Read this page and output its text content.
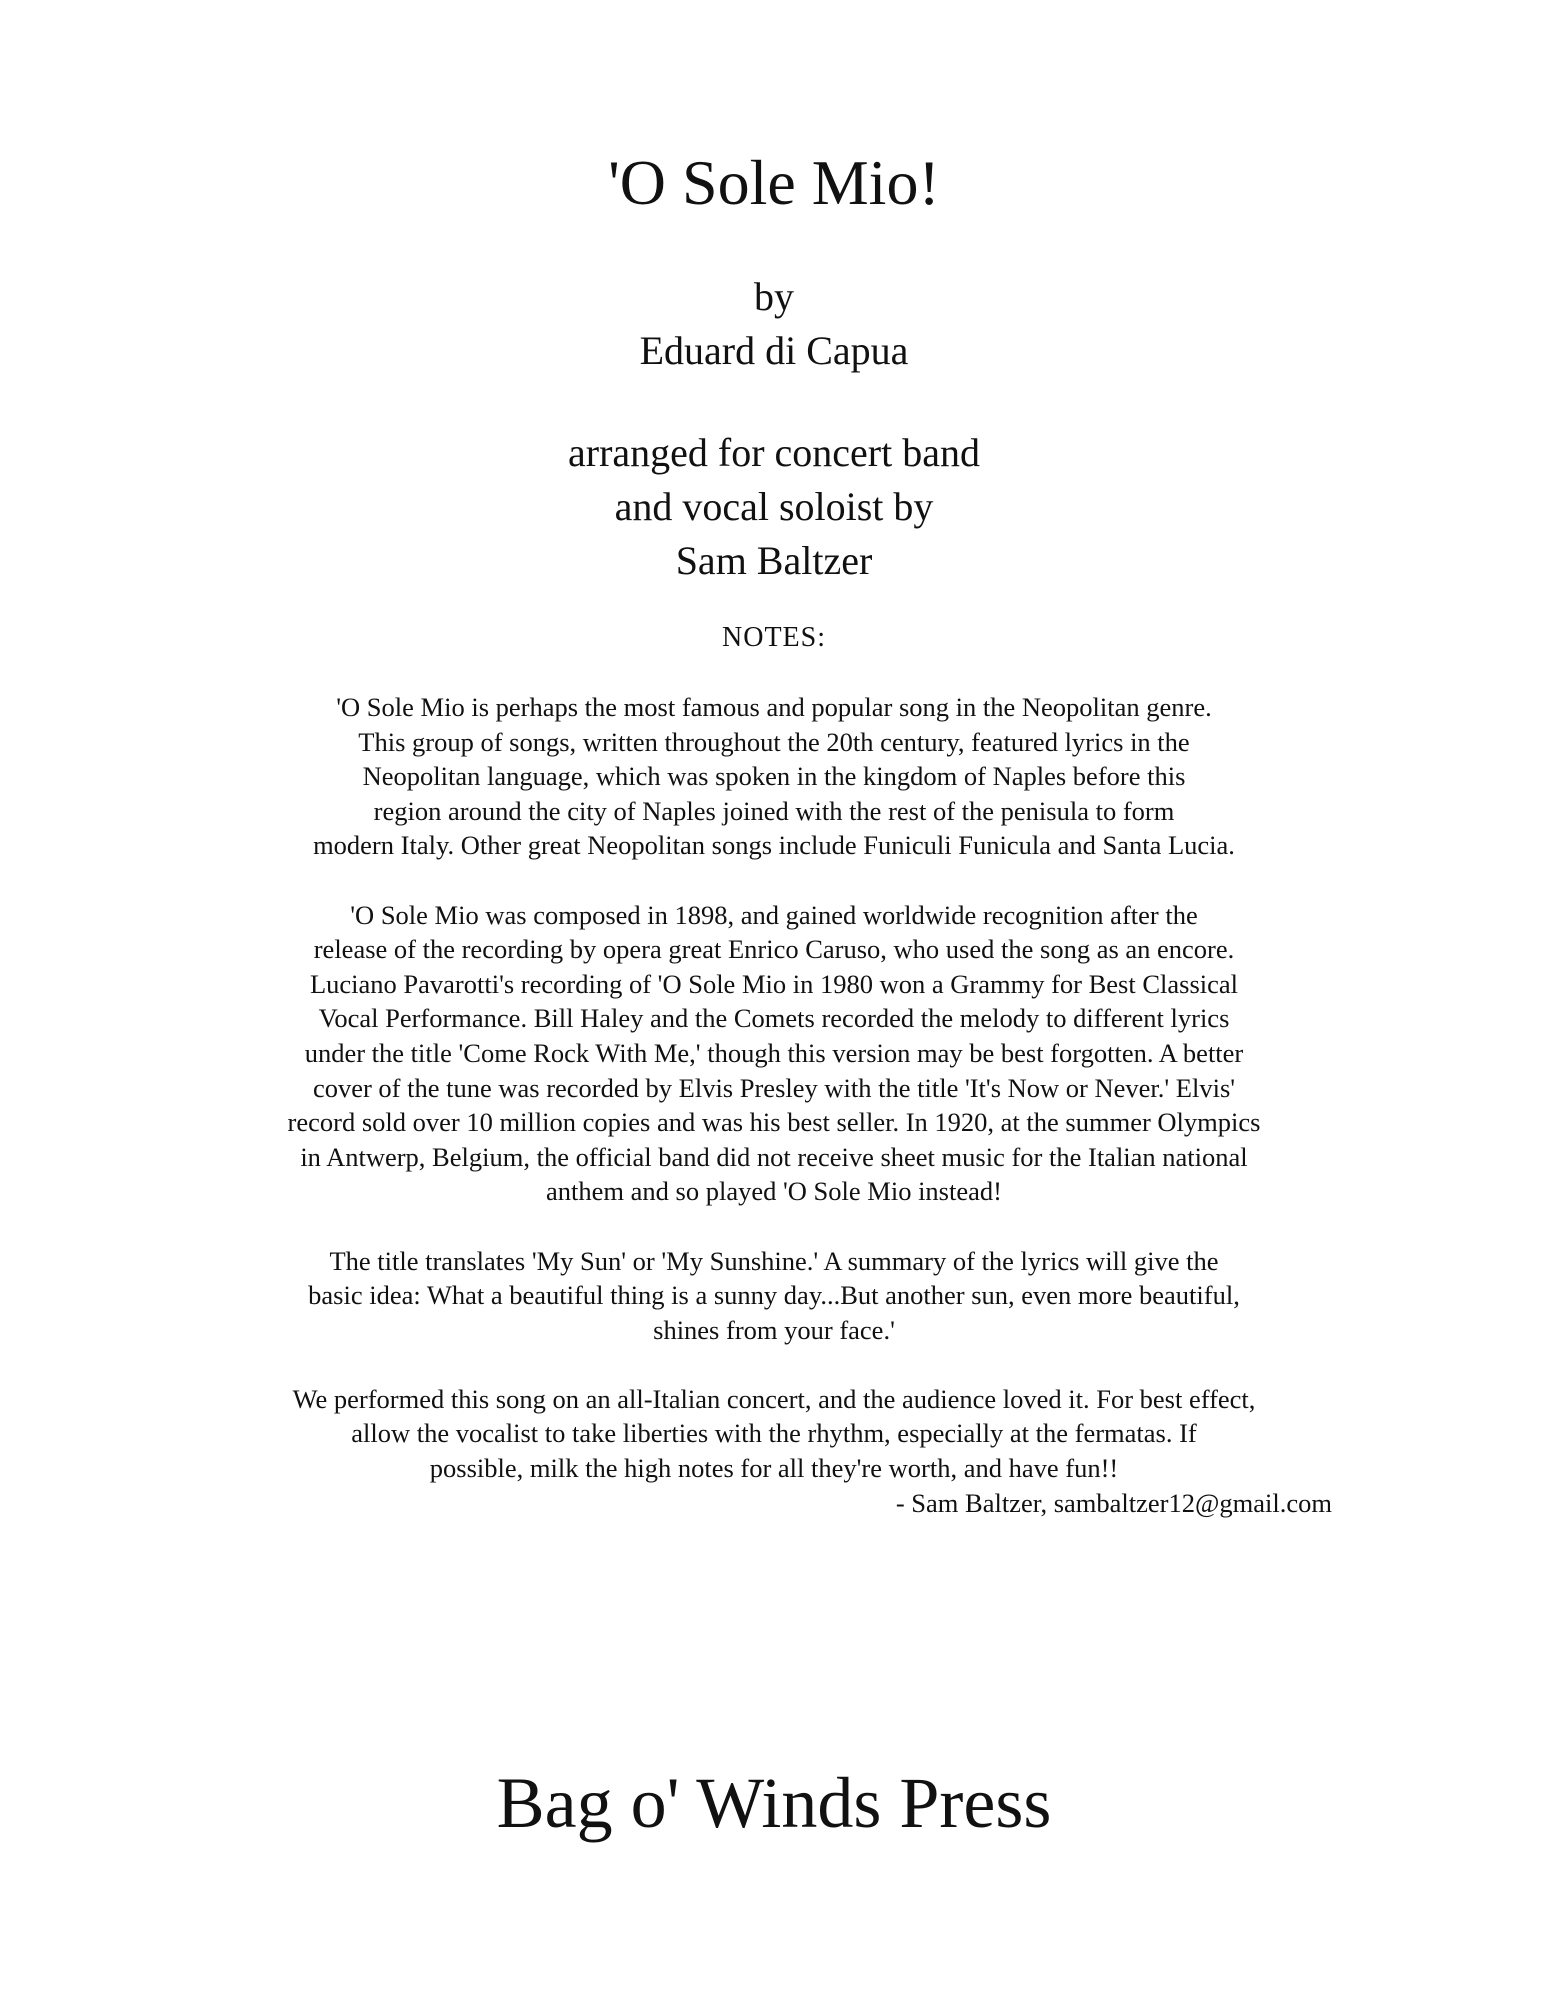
'O Sole Mio!
by
Eduard di Capua
arranged for concert band
and vocal soloist by
Sam Baltzer
NOTES:

'O Sole Mio is perhaps the most famous and popular song in the Neopolitan genre.
This group of songs, written throughout the 20th century, featured lyrics in the
Neopolitan language, which was spoken in the kingdom of Naples before this
region around the city of Naples joined with the rest of the penisula to form
modern Italy. Other great Neopolitan songs include Funiculi Funicula and Santa Lucia.

'O Sole Mio was composed in 1898, and gained worldwide recognition after the
release of the recording by opera great Enrico Caruso, who used the song as an encore.
Luciano Pavarotti's recording of 'O Sole Mio in 1980 won a Grammy for Best Classical
Vocal Performance. Bill Haley and the Comets recorded the melody to different lyrics
under the title 'Come Rock With Me,' though this version may be best forgotten. A better
cover of the tune was recorded by Elvis Presley with the title 'It's Now or Never.' Elvis'
record sold over 10 million copies and was his best seller. In 1920, at the summer Olympics
in Antwerp, Belgium, the official band did not receive sheet music for the Italian national
anthem and so played 'O Sole Mio instead!

The title translates 'My Sun' or 'My Sunshine.' A summary of the lyrics will give the
basic idea: What a beautiful thing is a sunny day...But another sun, even more beautiful,
shines from your face.'

We performed this song on an all-Italian concert, and the audience loved it. For best effect,
allow the vocalist to take liberties with the rhythm, especially at the fermatas. If
possible, milk the high notes for all they're worth, and have fun!!
- Sam Baltzer, sambaltzer12@gmail.com

Bag o' Winds Press
